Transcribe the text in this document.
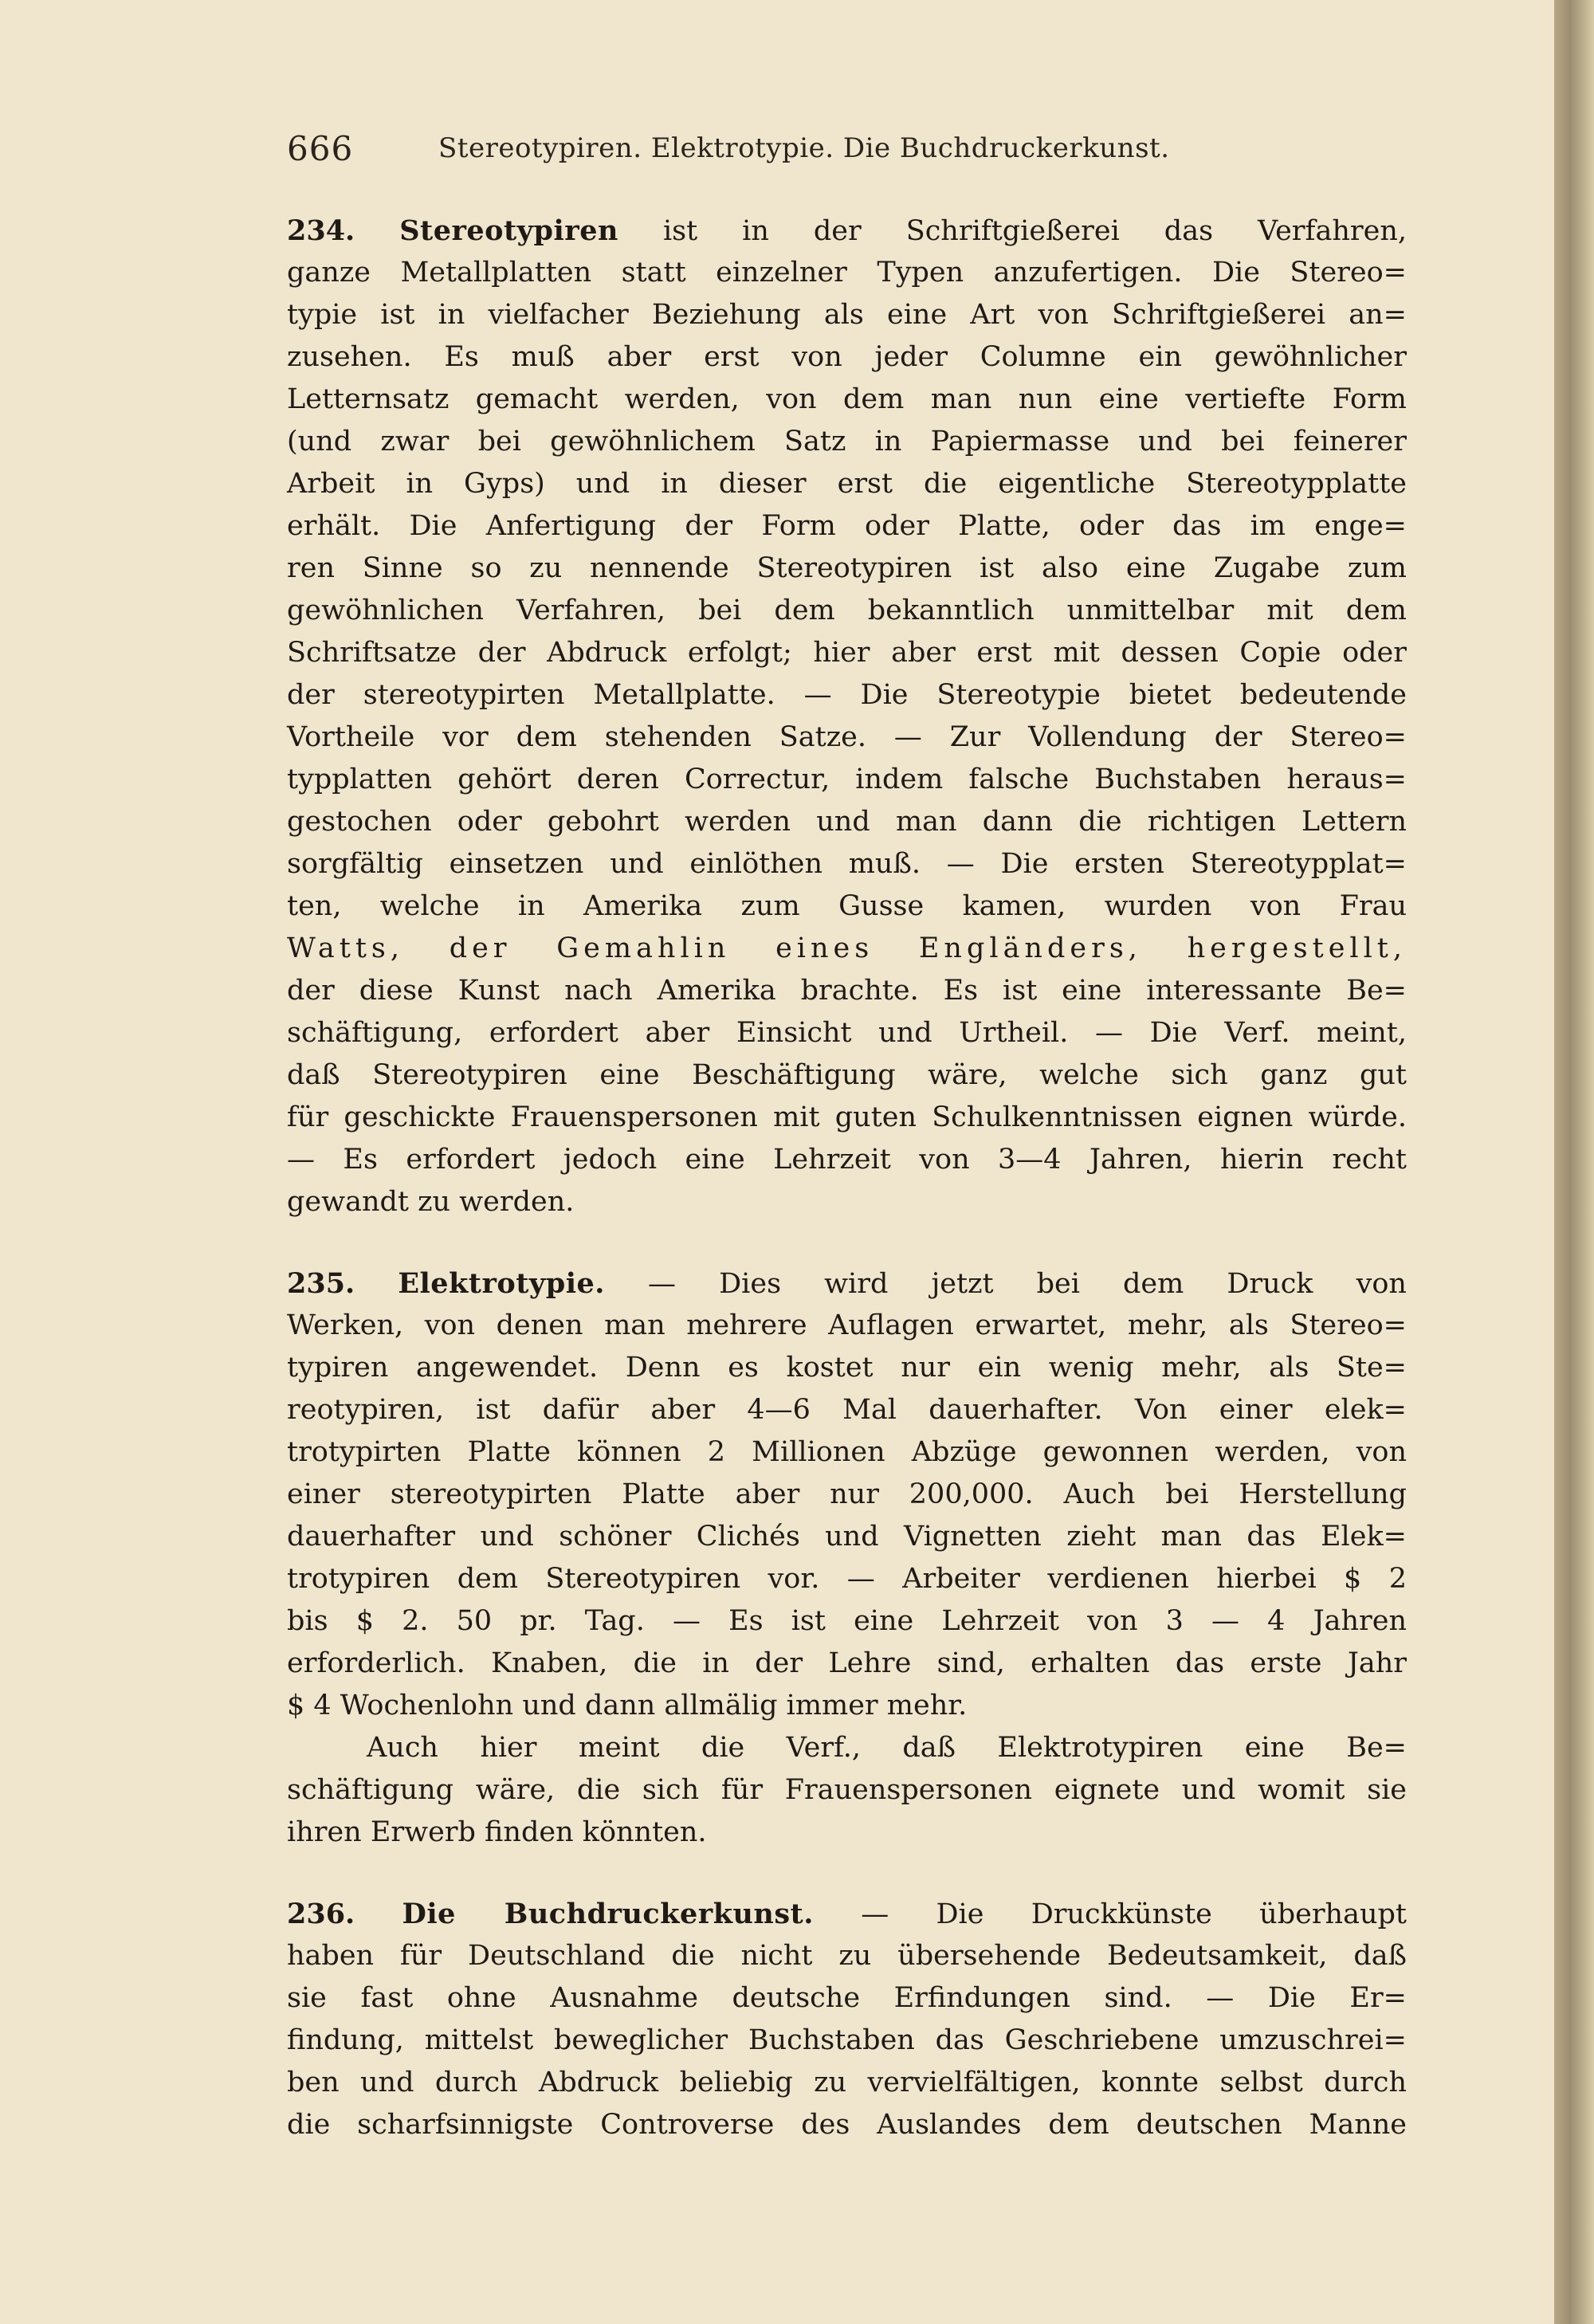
666	Stereotypiren. Elektrotypie. Die Buchdruckerkunst.
234. Stereotypiren ist in der Schriftgießerei das Verfahren,
ganze Metallplatten statt einzelner Typen anzufertigen. Die Stereo=
typie ist in vielfacher Beziehung als eine Art von Schriftgießerei an=
zusehen. Es muß aber erst von jeder Columne ein gewöhnlicher
Letternsatz gemacht werden, von dem man nun eine vertiefte Form
(und zwar bei gewöhnlichem Satz in Papiermasse und bei feinerer
Arbeit in Gyps) und in dieser erst die eigentliche Stereotypplatte
erhält. Die Anfertigung der Form oder Platte, oder das im enge=
ren Sinne so zu nennende Stereotypiren ist also eine Zugabe zum
gewöhnlichen Verfahren, bei dem bekanntlich unmittelbar mit dem
Schriftsatze der Abdruck erfolgt; hier aber erst mit dessen Copie oder
der stereotypirten Metallplatte. — Die Stereotypie bietet bedeutende
Vortheile vor dem stehenden Satze. — Zur Vollendung der Stereo=
typplatten gehört deren Correctur, indem falsche Buchstaben heraus=
gestochen oder gebohrt werden und man dann die richtigen Lettern
sorgfältig einsetzen und einlöthen muß. — Die ersten Stereotypplat=
ten, welche in Amerika zum Gusse kamen, wurden von Frau
Watts, der Gemahlin eines Engländers, hergestellt,
der diese Kunst nach Amerika brachte. Es ist eine interessante Be=
schäftigung, erfordert aber Einsicht und Urtheil. — Die Verf. meint,
daß Stereotypiren eine Beschäftigung wäre, welche sich ganz gut
für geschickte Frauenspersonen mit guten Schulkenntnissen eignen würde.
— Es erfordert jedoch eine Lehrzeit von 3—4 Jahren, hierin recht
gewandt zu werden.
235. Elektrotypie. — Dies wird jetzt bei dem Druck von
Werken, von denen man mehrere Auflagen erwartet, mehr, als Stereo=
typiren angewendet. Denn es kostet nur ein wenig mehr, als Ste=
reotypiren, ist dafür aber 4—6 Mal dauerhafter. Von einer elek=
trotypirten Platte können 2 Millionen Abzüge gewonnen werden, von
einer stereotypirten Platte aber nur 200,000. Auch bei Herstellung
dauerhafter und schöner Clichés und Vignetten zieht man das Elek=
trotypiren dem Stereotypiren vor. — Arbeiter verdienen hierbei $ 2
bis $ 2. 50 pr. Tag. — Es ist eine Lehrzeit von 3 — 4 Jahren
erforderlich. Knaben, die in der Lehre sind, erhalten das erste Jahr
$ 4 Wochenlohn und dann allmälig immer mehr.
Auch hier meint die Verf., daß Elektrotypiren eine Be=
schäftigung wäre, die sich für Frauenspersonen eignete und womit sie
ihren Erwerb finden könnten.
236. Die Buchdruckerkunst. — Die Druckkünste überhaupt
haben für Deutschland die nicht zu übersehende Bedeutsamkeit, daß
sie fast ohne Ausnahme deutsche Erfindungen sind. — Die Er=
findung, mittelst beweglicher Buchstaben das Geschriebene umzuschrei=
ben und durch Abdruck beliebig zu vervielfältigen, konnte selbst durch
die scharfsinnigste Controverse des Auslandes dem deutschen Manne
